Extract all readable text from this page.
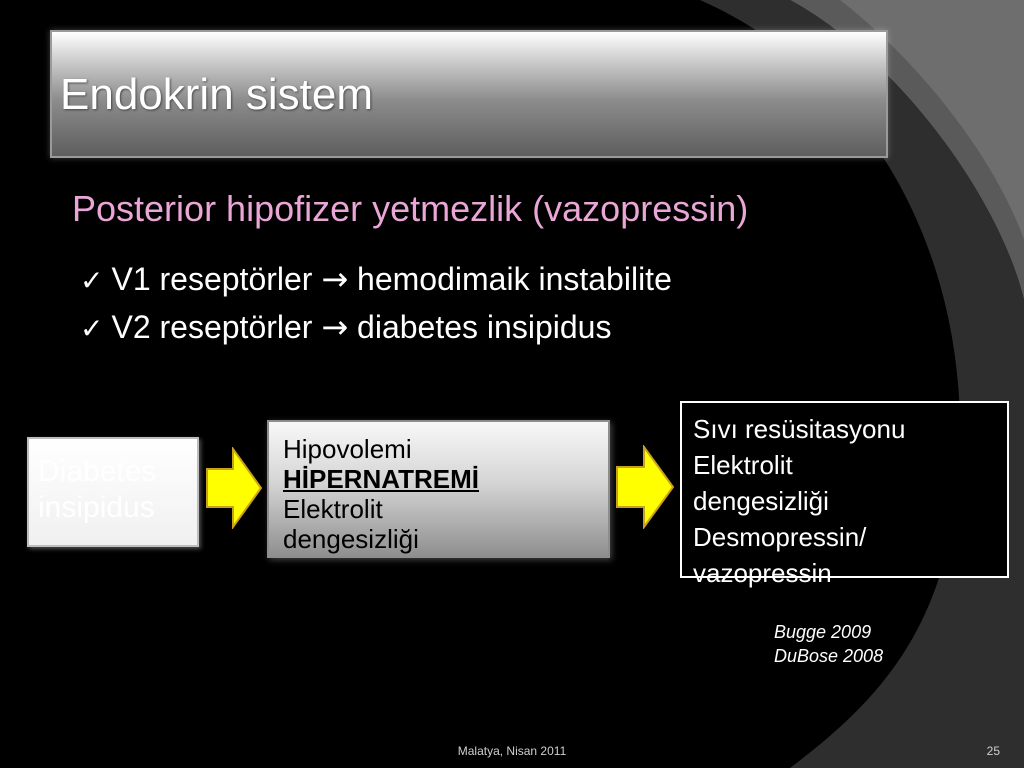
Endokrin sistem
Posterior hipofizer yetmezlik (vazopressin)
✓ V1 reseptörler → hemodimaik instabilite
✓ V2 reseptörler → diabetes insipidus
Diabetes insipidus
Hipovolemi
HİPERNATREMİ
Elektrolit
dengesizliği
Sıvı resüsitasyonu
Elektrolit
dengesizliği
Desmopressin/
vazopressin
Bugge 2009
DuBose 2008
Malatya, Nisan 2011	25
